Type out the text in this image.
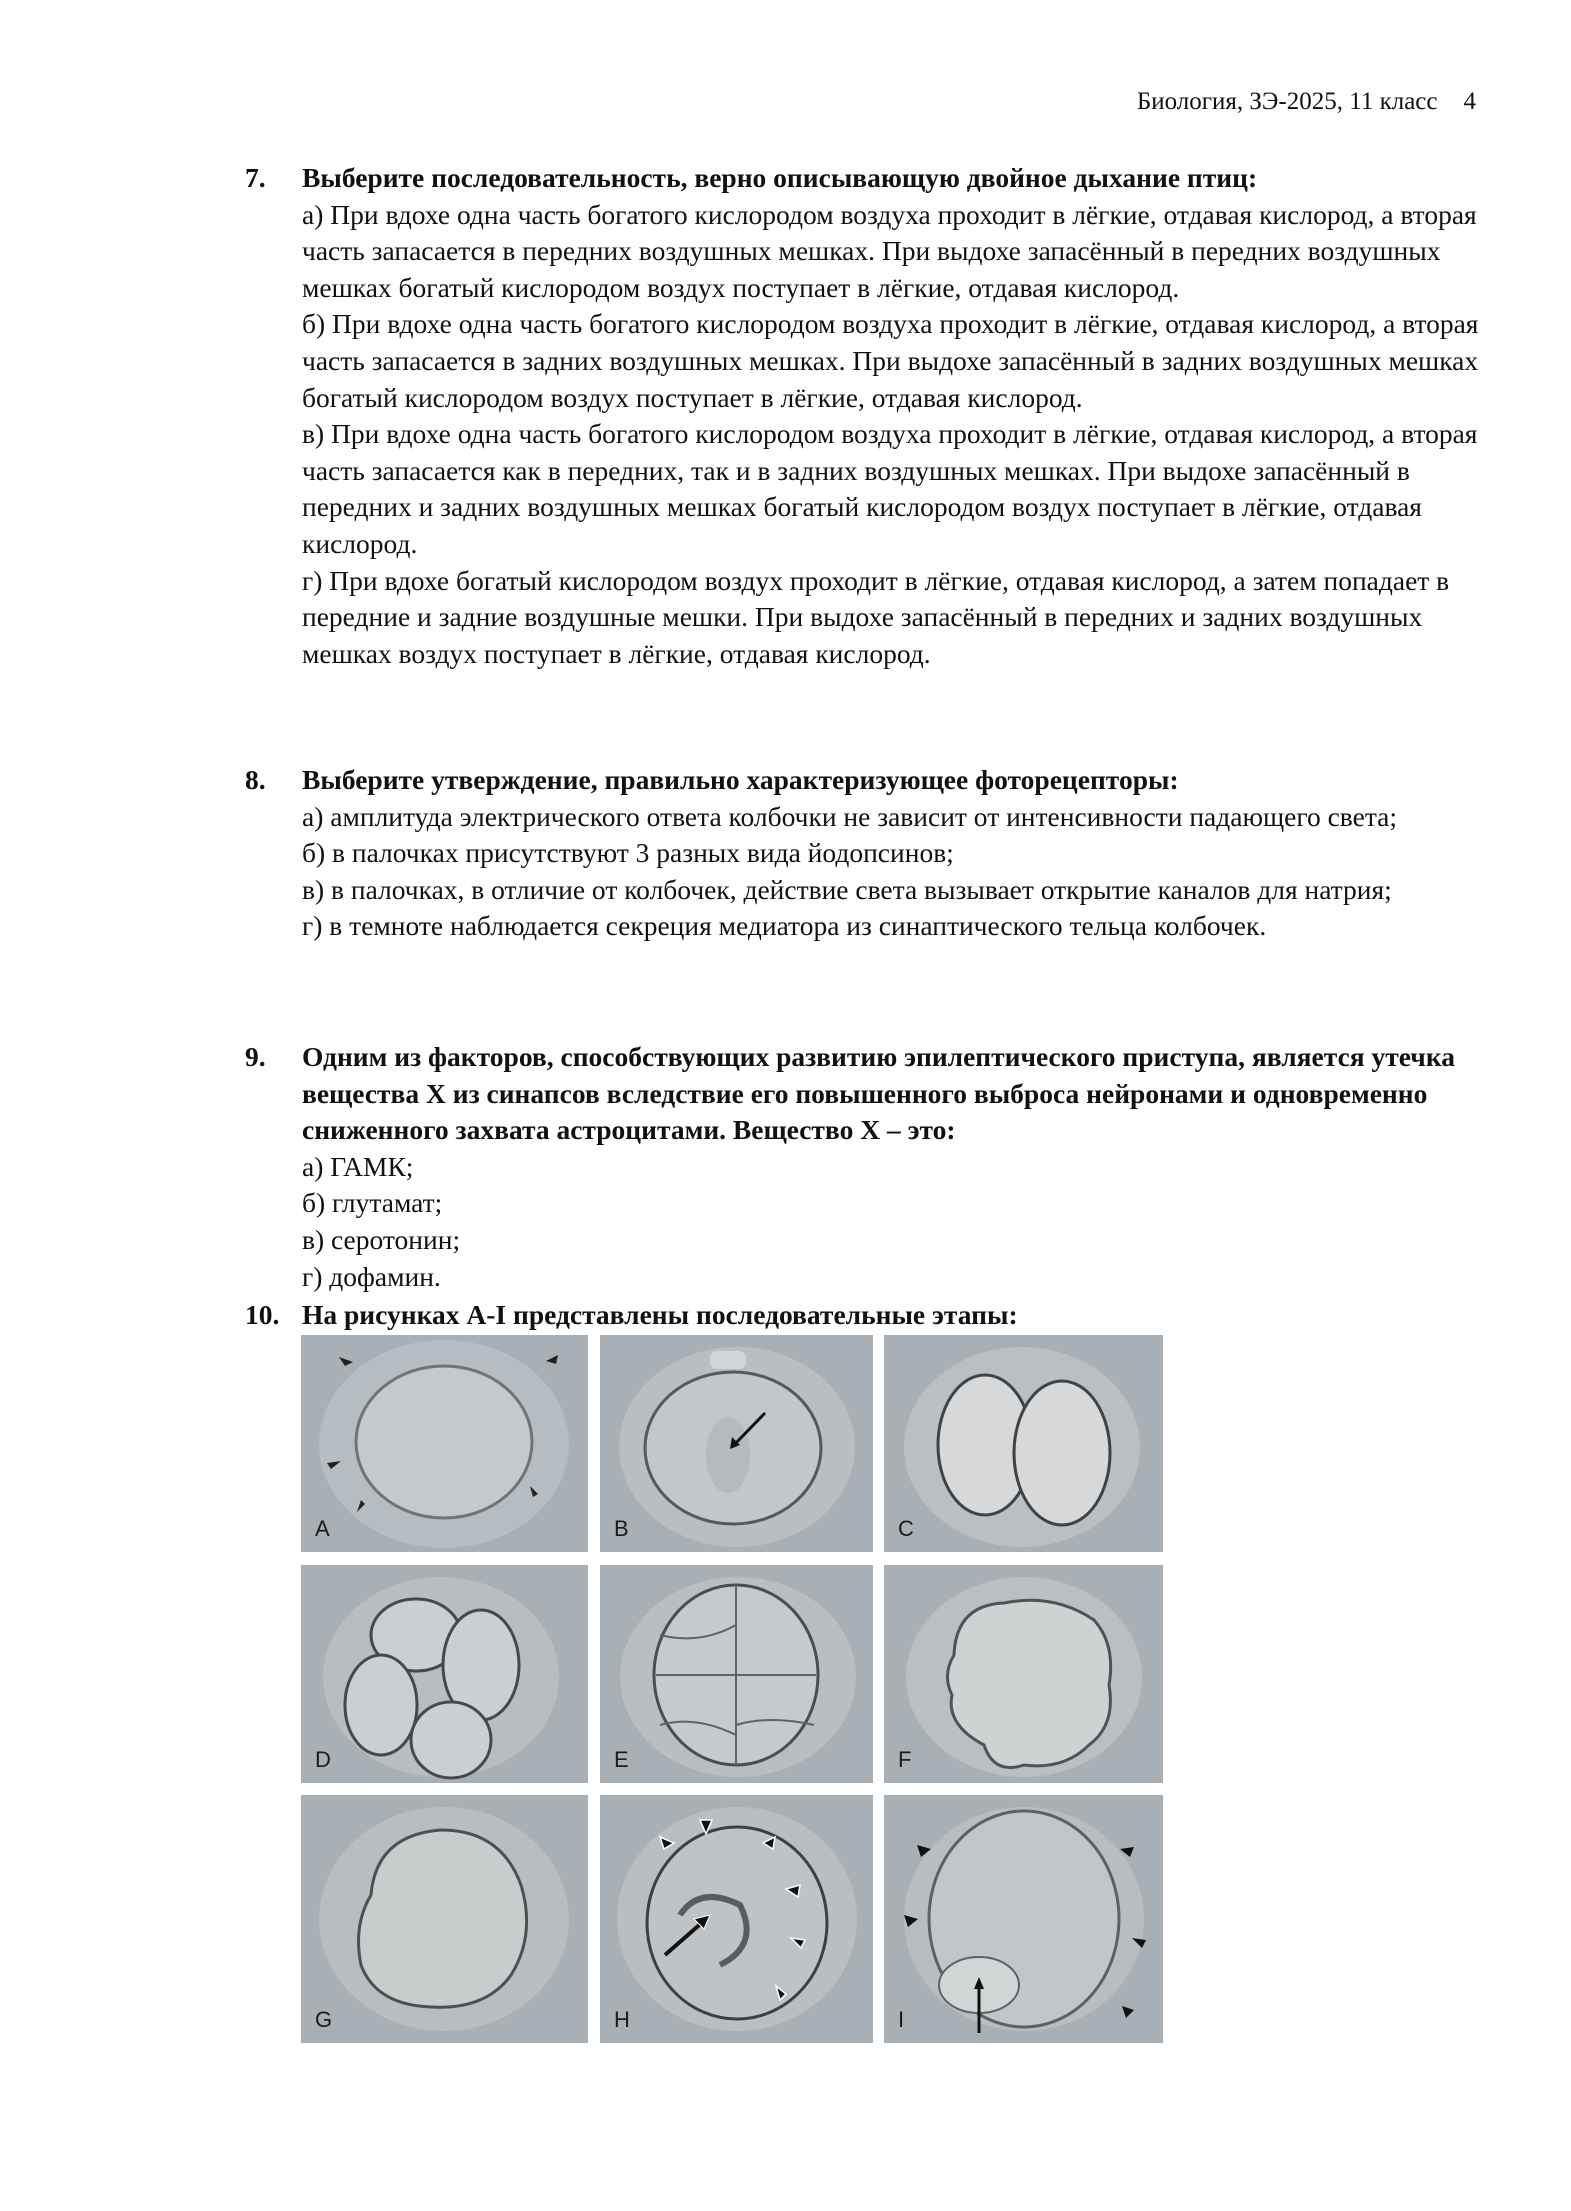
Биология, ЗЭ-2025, 11 класс 4
7. Выберите последовательность, верно описывающую двойное дыхание птиц:
а) При вдохе одна часть богатого кислородом воздуха проходит в лёгкие, отдавая кислород, а вторая часть запасается в передних воздушных мешках. При выдохе запасённый в передних воздушных мешках богатый кислородом воздух поступает в лёгкие, отдавая кислород.
б) При вдохе одна часть богатого кислородом воздуха проходит в лёгкие, отдавая кислород, а вторая часть запасается в задних воздушных мешках. При выдохе запасённый в задних воздушных мешках богатый кислородом воздух поступает в лёгкие, отдавая кислород.
в) При вдохе одна часть богатого кислородом воздуха проходит в лёгкие, отдавая кислород, а вторая часть запасается как в передних, так и в задних воздушных мешках. При выдохе запасённый в передних и задних воздушных мешках богатый кислородом воздух поступает в лёгкие, отдавая кислород.
г) При вдохе богатый кислородом воздух проходит в лёгкие, отдавая кислород, а затем попадает в передние и задние воздушные мешки. При выдохе запасённый в передних и задних воздушных мешках воздух поступает в лёгкие, отдавая кислород.
8. Выберите утверждение, правильно характеризующее фоторецепторы:
а) амплитуда электрического ответа колбочки не зависит от интенсивности падающего света;
б) в палочках присутствуют 3 разных вида йодопсинов;
в) в палочках, в отличие от колбочек, действие света вызывает открытие каналов для натрия;
г) в темноте наблюдается секреция медиатора из синаптического тельца колбочек.
9. Одним из факторов, способствующих развитию эпилептического приступа, является утечка вещества X из синапсов вследствие его повышенного выброса нейронами и одновременно сниженного захвата астроцитами. Вещество X – это:
а) ГАМК;
б) глутамат;
в) серотонин;
г) дофамин.
10. На рисунках A-I представлены последовательные этапы:
A	B	C
D	E	F
G	H	I
